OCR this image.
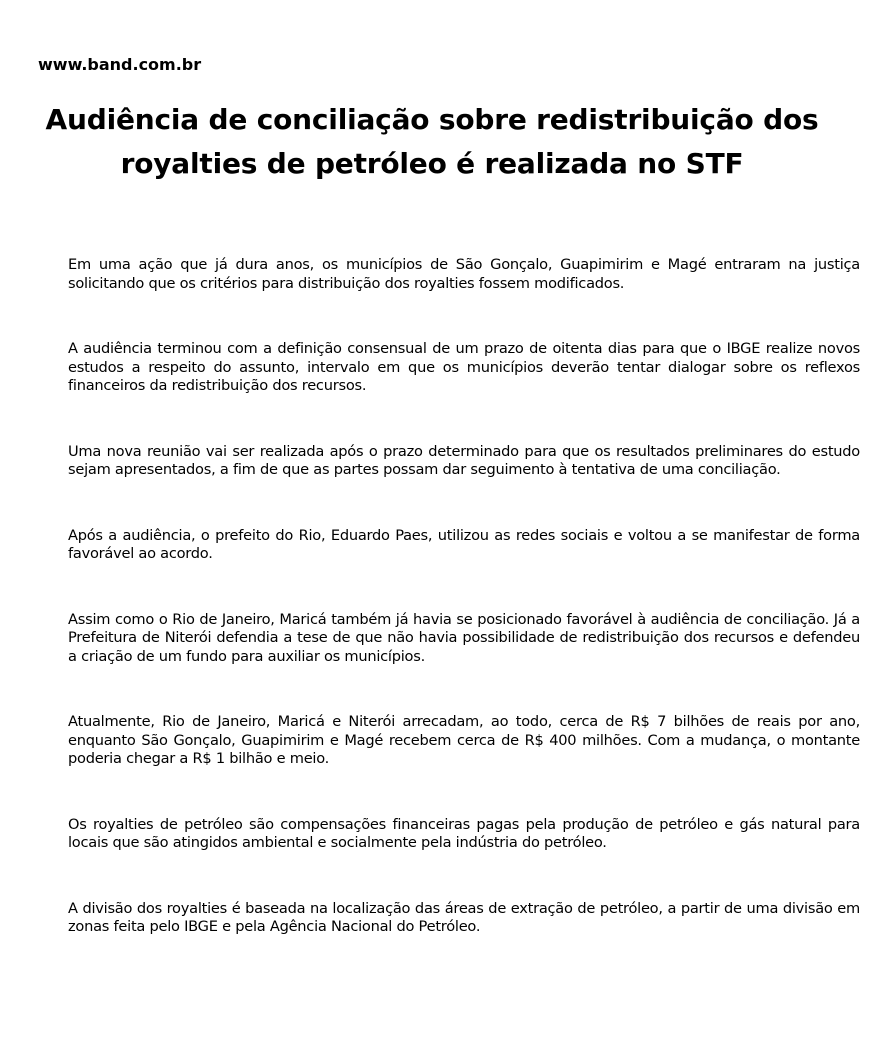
www.band.com.br
Audiência de conciliação sobre redistribuição dos royalties de petróleo é realizada no STF

Em uma ação que já dura anos, os municípios de São Gonçalo, Guapimirim e Magé entraram na justiça solicitando que os critérios para distribuição dos royalties fossem modificados.

A audiência terminou com a definição consensual de um prazo de oitenta dias para que o IBGE realize novos estudos a respeito do assunto, intervalo em que os municípios deverão tentar dialogar sobre os reflexos financeiros da redistribuição dos recursos.

Uma nova reunião vai ser realizada após o prazo determinado para que os resultados preliminares do estudo sejam apresentados, a fim de que as partes possam dar seguimento à tentativa de uma conciliação.

Após a audiência, o prefeito do Rio, Eduardo Paes, utilizou as redes sociais e voltou a se manifestar de forma favorável ao acordo.

Assim como o Rio de Janeiro, Maricá também já havia se posicionado favorável à audiência de conciliação. Já a Prefeitura de Niterói defendia a tese de que não havia possibilidade de redistribuição dos recursos e defendeu a criação de um fundo para auxiliar os municípios.

Atualmente, Rio de Janeiro, Maricá e Niterói arrecadam, ao todo, cerca de R$ 7 bilhões de reais por ano, enquanto São Gonçalo, Guapimirim e Magé recebem cerca de R$ 400 milhões. Com a mudança, o montante poderia chegar a R$ 1 bilhão e meio.

Os royalties de petróleo são compensações financeiras pagas pela produção de petróleo e gás natural para locais que são atingidos ambiental e socialmente pela indústria do petróleo.

A divisão dos royalties é baseada na localização das áreas de extração de petróleo, a partir de uma divisão em zonas feita pelo IBGE e pela Agência Nacional do Petróleo.
